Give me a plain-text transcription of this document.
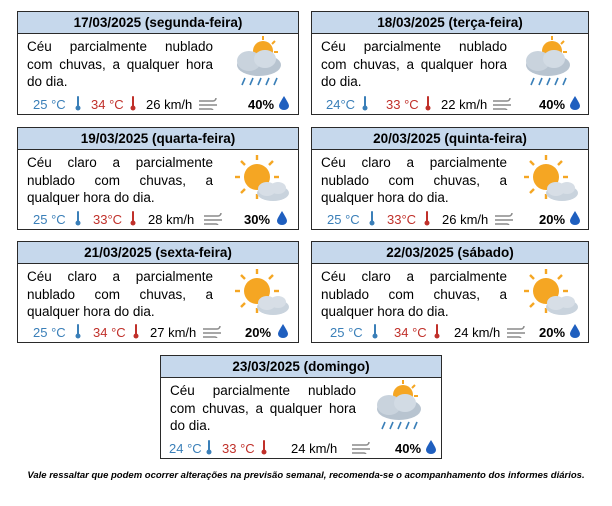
17/03/2025 (segunda-feira)
Céu parcialmente nublado com chuvas, a qualquer hora do dia.
25 °C 34 °C 26 km/h	40%
18/03/2025 (terça-feira)
Céu parcialmente nublado com chuvas, a qualquer hora do dia.
24°C 33 °C 22 km/h	40%
19/03/2025 (quarta-feira)
Céu claro a parcialmente nublado com chuvas, a qualquer hora do dia.
25 °C 33°C 28 km/h	30%
20/03/2025 (quinta-feira)
Céu claro a parcialmente nublado com chuvas, a qualquer hora do dia.
25 °C 33°C 26 km/h	20%
21/03/2025 (sexta-feira)
Céu claro a parcialmente nublado com chuvas, a qualquer hora do dia.
25 °C 34 °C 27 km/h	20%
22/03/2025 (sábado)
Céu claro a parcialmente nublado com chuvas, a qualquer hora do dia.
25 °C 34 °C 24 km/h	20%
23/03/2025 (domingo)
Céu parcialmente nublado com chuvas, a qualquer hora do dia.
24 °C 33 °C	24 km/h	40%
Vale ressaltar que podem ocorrer alterações na previsão semanal, recomenda-se o acompanhamento dos informes diários.
